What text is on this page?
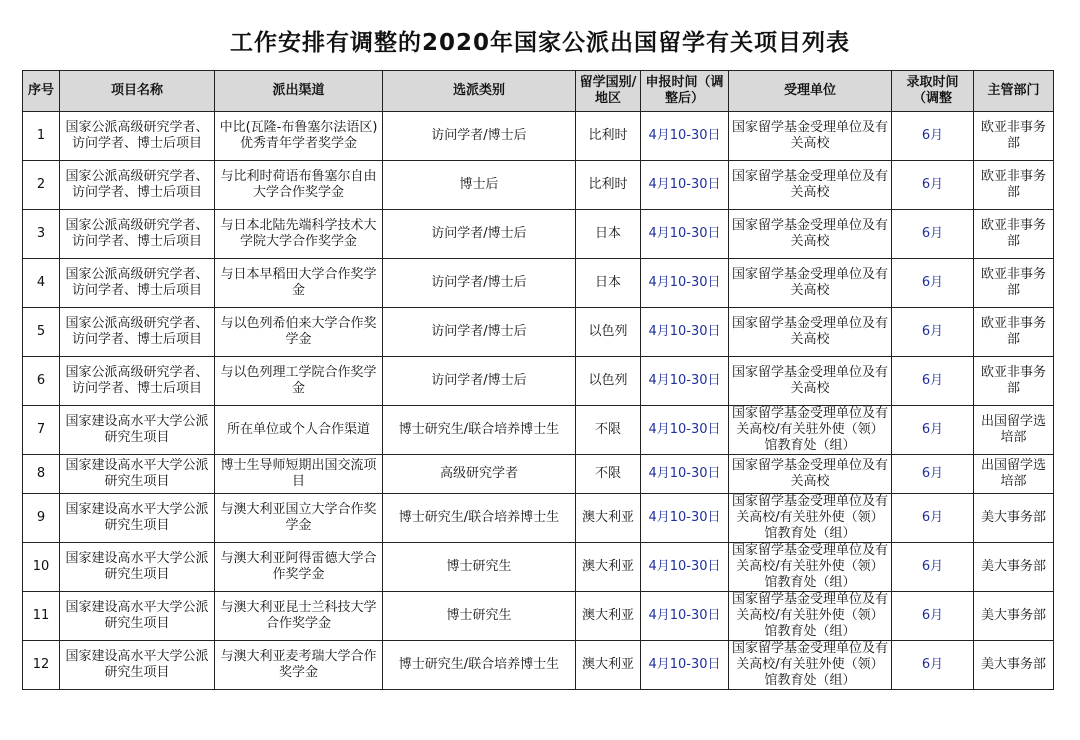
工作安排有调整的2020年国家公派出国留学有关项目列表
序号	项目名称	派出渠道	选派类别	留学国别/地区	申报时间（调整后）	受理单位	录取时间（调整	主管部门
1	国家公派高级研究学者、访问学者、博士后项目	中比(瓦隆-布鲁塞尔法语区)优秀青年学者奖学金	访问学者/博士后	比利时	4月10-30日	国家留学基金受理单位及有关高校	6月	欧亚非事务部
2	国家公派高级研究学者、访问学者、博士后项目	与比利时荷语布鲁塞尔自由大学合作奖学金	博士后	比利时	4月10-30日	国家留学基金受理单位及有关高校	6月	欧亚非事务部
3	国家公派高级研究学者、访问学者、博士后项目	与日本北陆先端科学技术大学院大学合作奖学金	访问学者/博士后	日本	4月10-30日	国家留学基金受理单位及有关高校	6月	欧亚非事务部
4	国家公派高级研究学者、访问学者、博士后项目	与日本早稻田大学合作奖学金	访问学者/博士后	日本	4月10-30日	国家留学基金受理单位及有关高校	6月	欧亚非事务部
5	国家公派高级研究学者、访问学者、博士后项目	与以色列希伯来大学合作奖学金	访问学者/博士后	以色列	4月10-30日	国家留学基金受理单位及有关高校	6月	欧亚非事务部
6	国家公派高级研究学者、访问学者、博士后项目	与以色列理工学院合作奖学金	访问学者/博士后	以色列	4月10-30日	国家留学基金受理单位及有关高校	6月	欧亚非事务部
7	国家建设高水平大学公派研究生项目	所在单位或个人合作渠道	博士研究生/联合培养博士生	不限	4月10-30日	国家留学基金受理单位及有关高校/有关驻外使（领）馆教育处（组）	6月	出国留学选培部
8	国家建设高水平大学公派研究生项目	博士生导师短期出国交流项目	高级研究学者	不限	4月10-30日	国家留学基金受理单位及有关高校	6月	出国留学选培部
9	国家建设高水平大学公派研究生项目	与澳大利亚国立大学合作奖学金	博士研究生/联合培养博士生	澳大利亚	4月10-30日	国家留学基金受理单位及有关高校/有关驻外使（领）馆教育处（组）	6月	美大事务部
10	国家建设高水平大学公派研究生项目	与澳大利亚阿得雷德大学合作奖学金	博士研究生	澳大利亚	4月10-30日	国家留学基金受理单位及有关高校/有关驻外使（领）馆教育处（组）	6月	美大事务部
11	国家建设高水平大学公派研究生项目	与澳大利亚昆士兰科技大学合作奖学金	博士研究生	澳大利亚	4月10-30日	国家留学基金受理单位及有关高校/有关驻外使（领）馆教育处（组）	6月	美大事务部
12	国家建设高水平大学公派研究生项目	与澳大利亚麦考瑞大学合作奖学金	博士研究生/联合培养博士生	澳大利亚	4月10-30日	国家留学基金受理单位及有关高校/有关驻外使（领）馆教育处（组）	6月	美大事务部
